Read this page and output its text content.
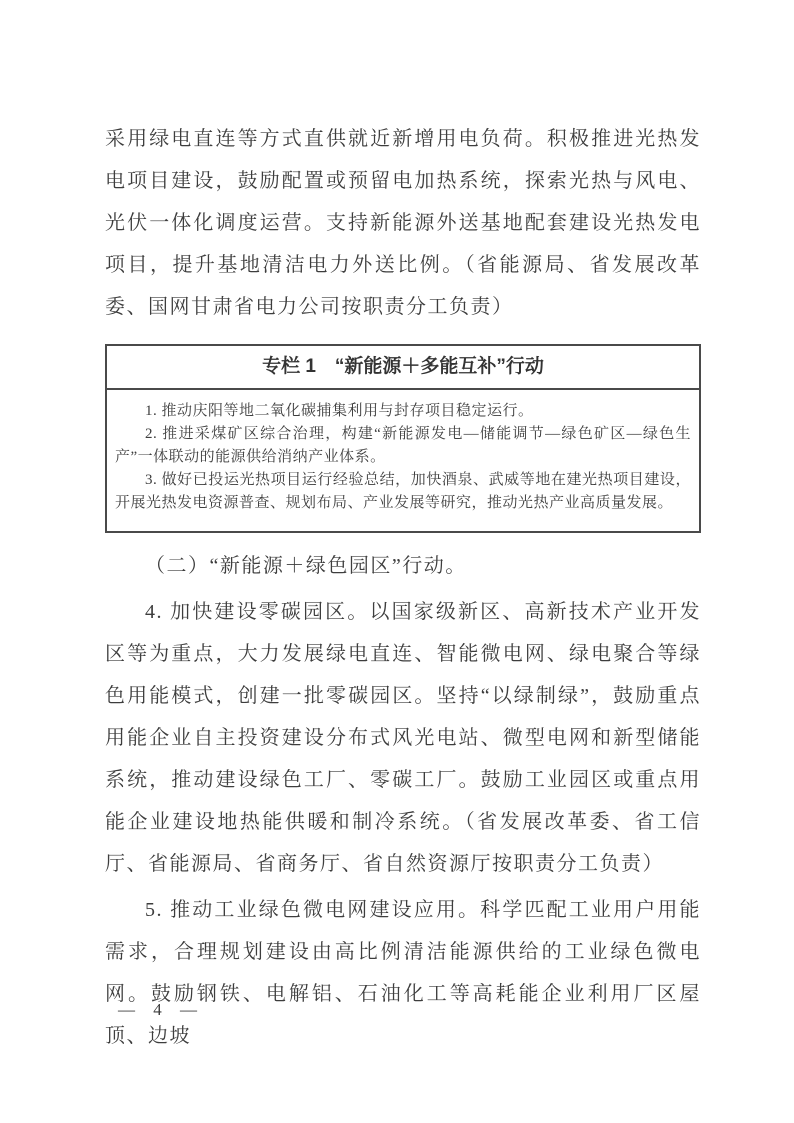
采用绿电直连等方式直供就近新增用电负荷。积极推进光热发电项目建设，鼓励配置或预留电加热系统，探索光热与风电、光伏一体化调度运营。支持新能源外送基地配套建设光热发电项目，提升基地清洁电力外送比例。（省能源局、省发展改革委、国网甘肃省电力公司按职责分工负责）

专栏 1　“新能源＋多能互补”行动

1. 推动庆阳等地二氧化碳捕集利用与封存项目稳定运行。

2. 推进采煤矿区综合治理，构建“新能源发电—储能调节—绿色矿区—绿色生产”一体联动的能源供给消纳产业体系。

3. 做好已投运光热项目运行经验总结，加快酒泉、武威等地在建光热项目建设，开展光热发电资源普查、规划布局、产业发展等研究，推动光热产业高质量发展。

（二）“新能源＋绿色园区”行动。

4. 加快建设零碳园区。以国家级新区、高新技术产业开发区等为重点，大力发展绿电直连、智能微电网、绿电聚合等绿色用能模式，创建一批零碳园区。坚持“以绿制绿”，鼓励重点用能企业自主投资建设分布式风光电站、微型电网和新型储能系统，推动建设绿色工厂、零碳工厂。鼓励工业园区或重点用能企业建设地热能供暖和制冷系统。（省发展改革委、省工信厅、省能源局、省商务厅、省自然资源厅按职责分工负责）

5. 推动工业绿色微电网建设应用。科学匹配工业用户用能需求，合理规划建设由高比例清洁能源供给的工业绿色微电网。鼓励钢铁、电解铝、石油化工等高耗能企业利用厂区屋顶、边坡

— 4 —
